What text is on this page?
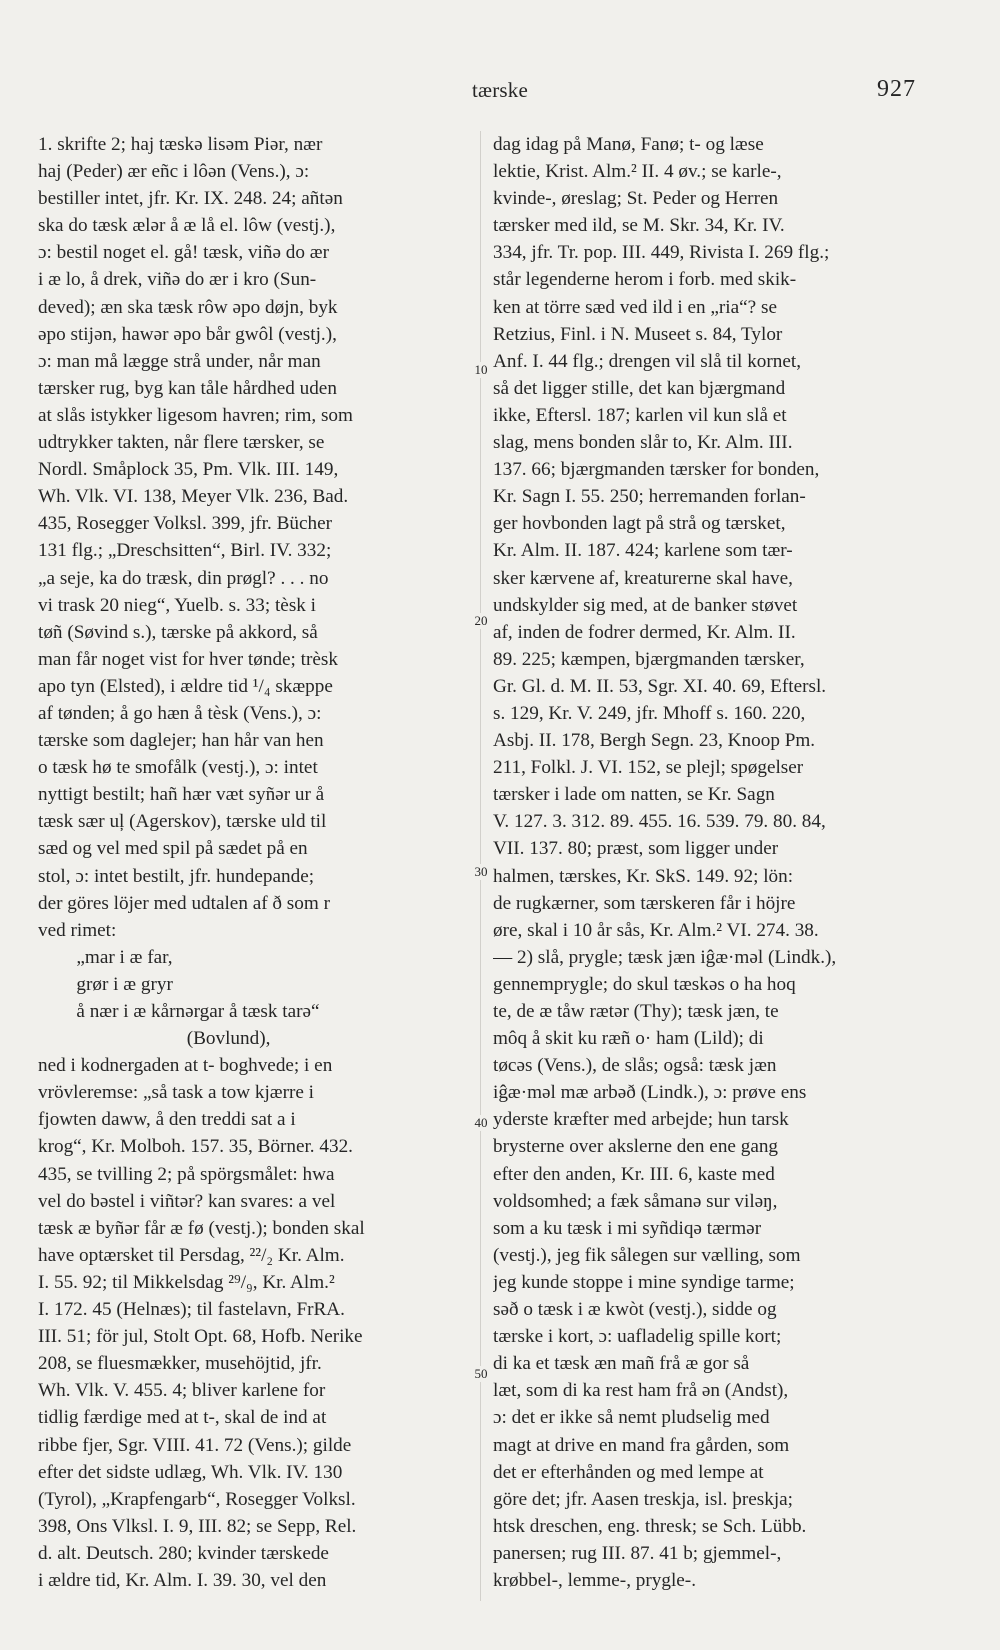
tærske	927
10
20
30
40
50
1. skrifte 2; haj tæskə lisəm Piər, nær
haj (Peder) ær eñc i lôən (Vens.), ɔ:
bestiller intet, jfr. Kr. IX. 248. 24; añtən
ska do tæsk ælər å æ lå el. lôw (vestj.),
ɔ: bestil noget el. gå! tæsk, viñə do ær
i æ lo, å drek, viñə do ær i kro (Sun-
deved); æn ska tæsk rôw əpo døjn, byk
əpo stijən, hawər əpo bår gwôl (vestj.),
ɔ: man må lægge strå under, når man
tærsker rug, byg kan tåle hårdhed uden
at slås istykker ligesom havren; rim, som
udtrykker takten, når flere tærsker, se
Nordl. Småplock 35, Pm. Vlk. III. 149,
Wh. Vlk. VI. 138, Meyer Vlk. 236, Bad.
435, Rosegger Volksl. 399, jfr. Bücher
131 flg.; „Dreschsitten“, Birl. IV. 332;
„a seje, ka do træsk, din prøgl? . . . no
vi trask 20 nieg“, Yuelb. s. 33; tèsk i
tøñ (Søvind s.), tærske på akkord, så
man får noget vist for hver tønde; trèsk
apo tyn (Elsted), i ældre tid ¹/₄ skæppe
af tønden; å go hæn å tèsk (Vens.), ɔ:
tærske som daglejer; han hår van hen
o tæsk hø te smofålk (vestj.), ɔ: intet
nyttigt bestilt; hañ hær væt syñər ur å
tæsk sær uļ (Agerskov), tærske uld til
sæd og vel med spil på sædet på en
stol, ɔ: intet bestilt, jfr. hundepande;
der göres löjer med udtalen af ð som r
ved rimet:
„mar i æ far,
grør i æ gryr
å nær i æ kårnərgar å tæsk tarə“
(Bovlund),
ned i kodnergaden at t- boghvede; i en
vrövleremse: „så task a tow kjærre i
fjowten daww, å den treddi sat a i
krog“, Kr. Molboh. 157. 35, Börner. 432.
435, se tvilling 2; på spörgsmålet: hwa
vel do bəstel i viñtər? kan svares: a vel
tæsk æ byñər får æ fø (vestj.); bonden skal
have optærsket til Persdag, ²²/₂ Kr. Alm.
I. 55. 92; til Mikkelsdag ²⁹/₉, Kr. Alm.²
I. 172. 45 (Helnæs); til fastelavn, FrRA.
III. 51; för jul, Stolt Opt. 68, Hofb. Nerike
208, se fluesmækker, musehöjtid, jfr.
Wh. Vlk. V. 455. 4; bliver karlene for
tidlig færdige med at t-, skal de ind at
ribbe fjer, Sgr. VIII. 41. 72 (Vens.); gilde
efter det sidste udlæg, Wh. Vlk. IV. 130
(Tyrol), „Krapfengarb“, Rosegger Volksl.
398, Ons Vlksl. I. 9, III. 82; se Sepp, Rel.
d. alt. Deutsch. 280; kvinder tærskede
i ældre tid, Kr. Alm. I. 39. 30, vel den
dag idag på Manø, Fanø; t- og læse
lektie, Krist. Alm.² II. 4 øv.; se karle-,
kvinde-, øreslag; St. Peder og Herren
tærsker med ild, se M. Skr. 34, Kr. IV.
334, jfr. Tr. pop. III. 449, Rivista I. 269 flg.;
står legenderne herom i forb. med skik-
ken at törre sæd ved ild i en „ria“? se
Retzius, Finl. i N. Museet s. 84, Tylor
Anf. I. 44 flg.; drengen vil slå til kornet,
så det ligger stille, det kan bjærgmand
ikke, Eftersl. 187; karlen vil kun slå et
slag, mens bonden slår to, Kr. Alm. III.
137. 66; bjærgmanden tærsker for bonden,
Kr. Sagn I. 55. 250; herremanden forlan-
ger hovbonden lagt på strå og tærsket,
Kr. Alm. II. 187. 424; karlene som tær-
sker kærvene af, kreaturerne skal have,
undskylder sig med, at de banker støvet
af, inden de fodrer dermed, Kr. Alm. II.
89. 225; kæmpen, bjærgmanden tærsker,
Gr. Gl. d. M. II. 53, Sgr. XI. 40. 69, Eftersl.
s. 129, Kr. V. 249, jfr. Mhoff s. 160. 220,
Asbj. II. 178, Bergh Segn. 23, Knoop Pm.
211, Folkl. J. VI. 152, se plejl; spøgelser
tærsker i lade om natten, se Kr. Sagn
V. 127. 3. 312. 89. 455. 16. 539. 79. 80. 84,
VII. 137. 80; præst, som ligger under
halmen, tærskes, Kr. SkS. 149. 92; lön:
de rugkærner, som tærskeren får i höjre
øre, skal i 10 år sås, Kr. Alm.² VI. 274. 38.
— 2) slå, prygle; tæsk jæn iĝæ·məl (Lindk.),
gennemprygle; do skul tæskəs o ha hoq
te, de æ tåw rætər (Thy); tæsk jæn, te
môq å skit ku ræñ o· ham (Lild); di
tøcəs (Vens.), de slås; også: tæsk jæn
iĝæ·məl mæ arbəð (Lindk.), ɔ: prøve ens
yderste kræfter med arbejde; hun tarsk
brysterne over akslerne den ene gang
efter den anden, Kr. III. 6, kaste med
voldsomhed; a fæk såmanə sur viləŋ,
som a ku tæsk i mi syñdiqə tærmər
(vestj.), jeg fik sålegen sur vælling, som
jeg kunde stoppe i mine syndige tarme;
səð o tæsk i æ kwòt (vestj.), sidde og
tærske i kort, ɔ: uafladelig spille kort;
di ka et tæsk æn mañ frå æ gor så
læt, som di ka rest ham frå ən (Andst),
ɔ: det er ikke så nemt pludselig med
magt at drive en mand fra gården, som
det er efterhånden og med lempe at
göre det; jfr. Aasen treskja, isl. þreskja;
htsk dreschen, eng. thresk; se Sch. Lübb.
panersen; rug III. 87. 41 b; gjemmel-,
krøbbel-, lemme-, prygle-.
